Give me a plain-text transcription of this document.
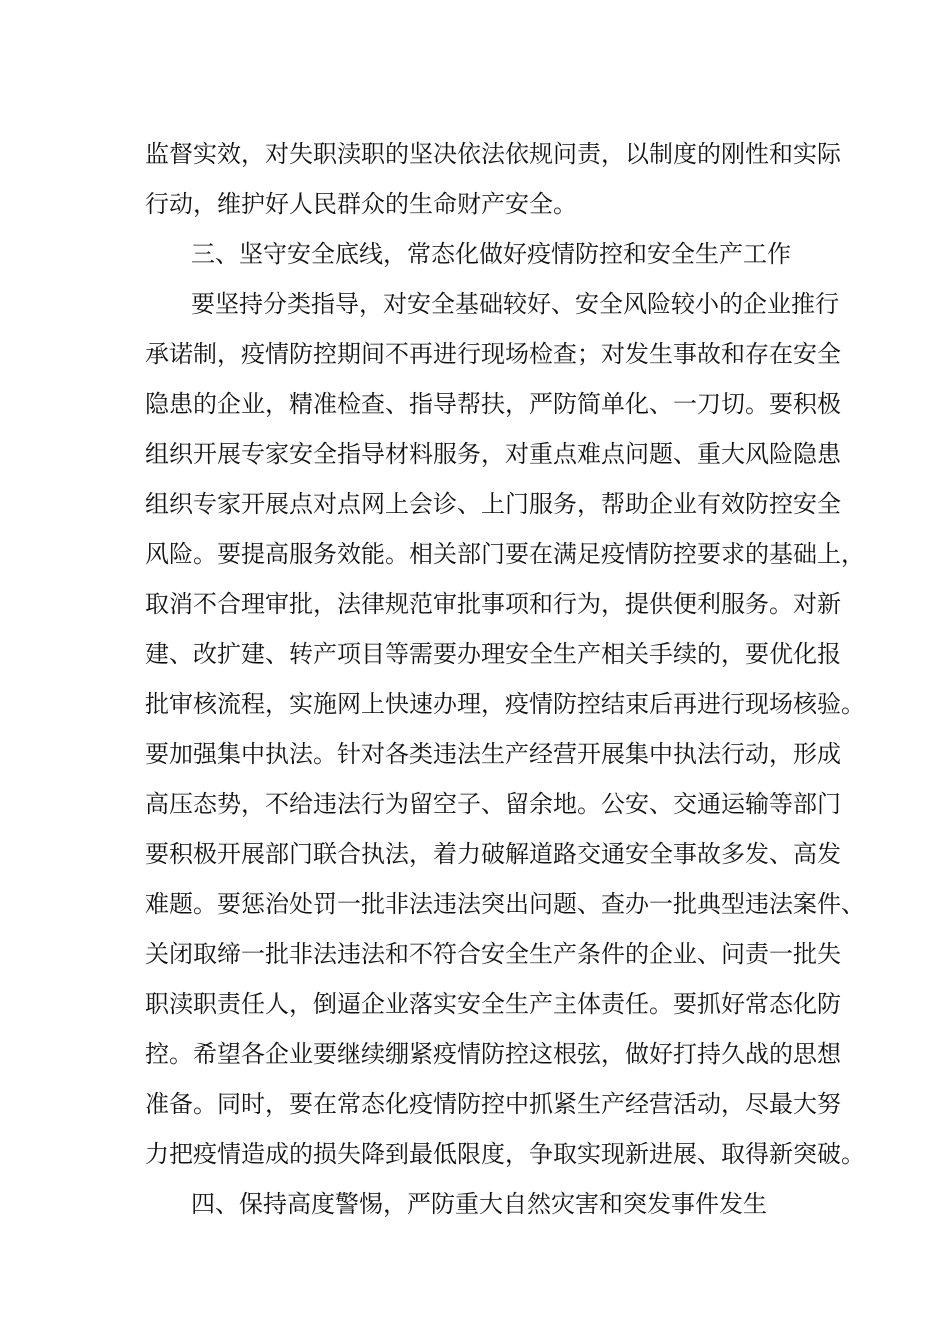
监督实效，对失职渎职的坚决依法依规问责，以制度的刚性和实际
行动，维护好人民群众的生命财产安全。
三、坚守安全底线，常态化做好疫情防控和安全生产工作
要坚持分类指导，对安全基础较好、安全风险较小的企业推行
承诺制，疫情防控期间不再进行现场检查；对发生事故和存在安全
隐患的企业，精准检查、指导帮扶，严防简单化、一刀切。要积极
组织开展专家安全指导材料服务，对重点难点问题、重大风险隐患
组织专家开展点对点网上会诊、上门服务，帮助企业有效防控安全
风险。要提高服务效能。相关部门要在满足疫情防控要求的基础上，
取消不合理审批，法律规范审批事项和行为，提供便利服务。对新
建、改扩建、转产项目等需要办理安全生产相关手续的，要优化报
批审核流程，实施网上快速办理，疫情防控结束后再进行现场核验。
要加强集中执法。针对各类违法生产经营开展集中执法行动，形成
高压态势，不给违法行为留空子、留余地。公安、交通运输等部门
要积极开展部门联合执法，着力破解道路交通安全事故多发、高发
难题。要惩治处罚一批非法违法突出问题、查办一批典型违法案件、
关闭取缔一批非法违法和不符合安全生产条件的企业、问责一批失
职渎职责任人，倒逼企业落实安全生产主体责任。要抓好常态化防
控。希望各企业要继续绷紧疫情防控这根弦，做好打持久战的思想
准备。同时，要在常态化疫情防控中抓紧生产经营活动，尽最大努
力把疫情造成的损失降到最低限度，争取实现新进展、取得新突破。
四、保持高度警惕，严防重大自然灾害和突发事件发生
